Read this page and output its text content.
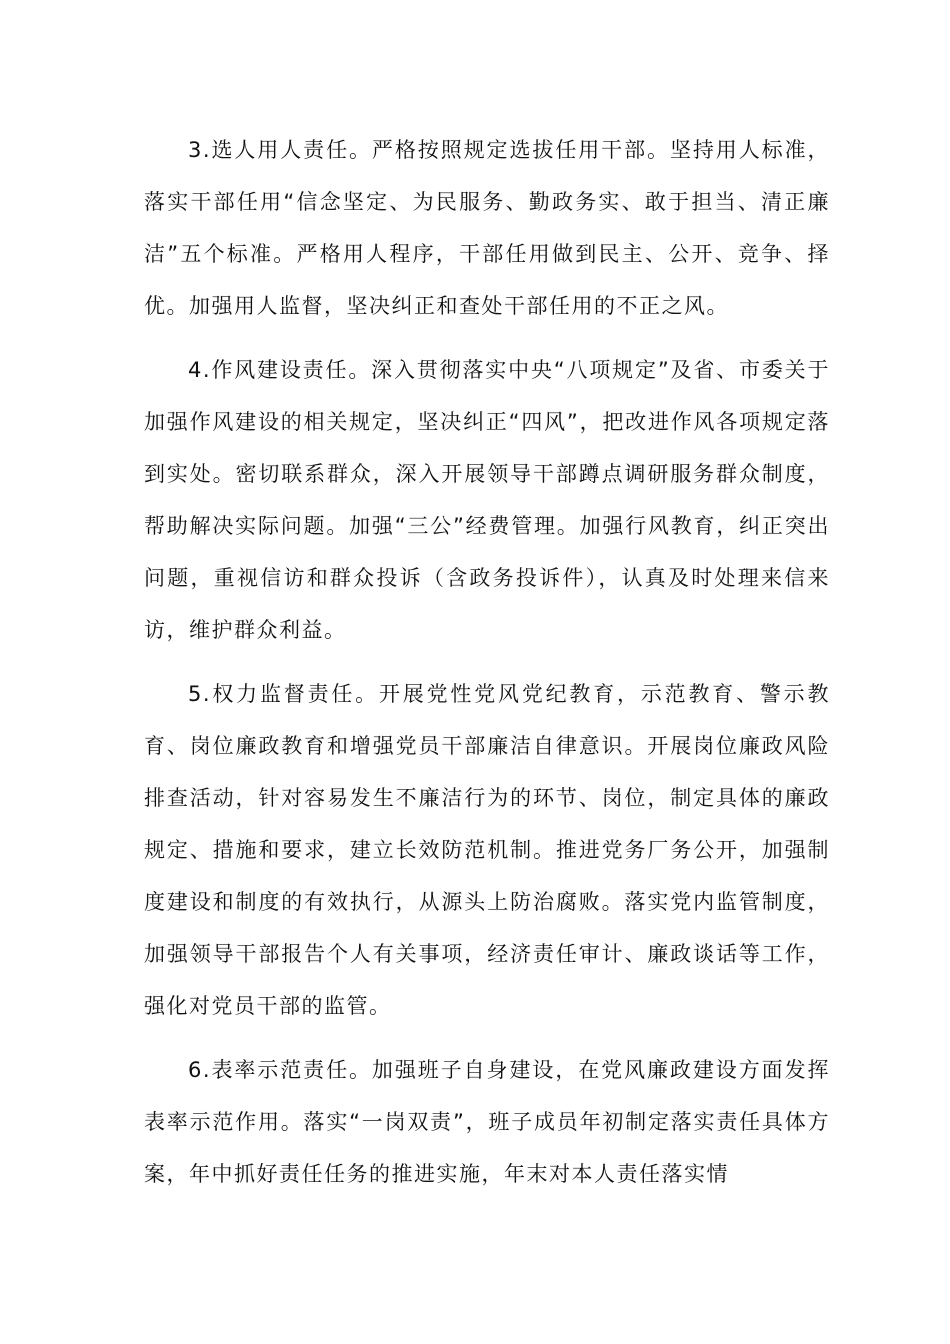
3.选人用人责任。严格按照规定选拔任用干部。坚持用人标准，落实干部任用“信念坚定、为民服务、勤政务实、敢于担当、清正廉洁”五个标准。严格用人程序，干部任用做到民主、公开、竞争、择优。加强用人监督，坚决纠正和查处干部任用的不正之风。

4.作风建设责任。深入贯彻落实中央“八项规定”及省、市委关于加强作风建设的相关规定，坚决纠正“四风”，把改进作风各项规定落到实处。密切联系群众，深入开展领导干部蹲点调研服务群众制度，帮助解决实际问题。加强“三公”经费管理。加强行风教育，纠正突出问题，重视信访和群众投诉（含政务投诉件），认真及时处理来信来访，维护群众利益。

5.权力监督责任。开展党性党风党纪教育，示范教育、警示教育、岗位廉政教育和增强党员干部廉洁自律意识。开展岗位廉政风险排查活动，针对容易发生不廉洁行为的环节、岗位，制定具体的廉政规定、措施和要求，建立长效防范机制。推进党务厂务公开，加强制度建设和制度的有效执行，从源头上防治腐败。落实党内监管制度，加强领导干部报告个人有关事项，经济责任审计、廉政谈话等工作，强化对党员干部的监管。

6.表率示范责任。加强班子自身建设，在党风廉政建设方面发挥表率示范作用。落实“一岗双责”，班子成员年初制定落实责任具体方案，年中抓好责任任务的推进实施，年末对本人责任落实情
